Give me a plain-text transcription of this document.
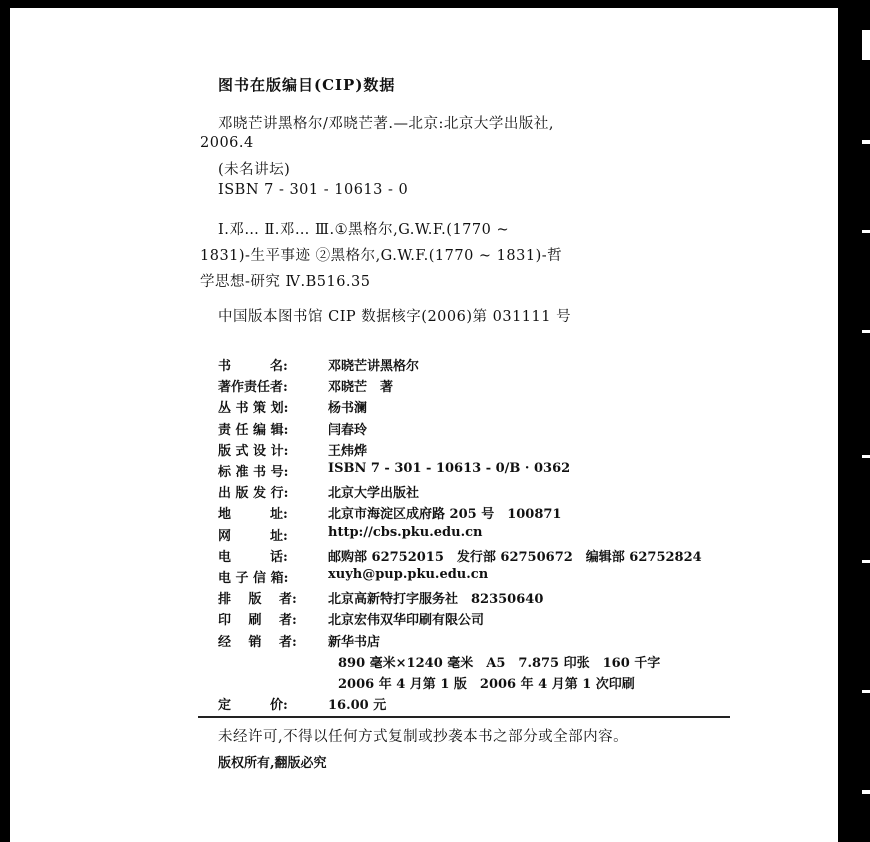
图书在版编目(CIP)数据
邓晓芒讲黑格尔/邓晓芒著.—北京:北京大学出版社,
2006.4
(未名讲坛)
ISBN 7 - 301 - 10613 - 0
Ⅰ.邓… Ⅱ.邓… Ⅲ.①黑格尔,G.W.F.(1770 ~
1831)-生平事迹 ②黑格尔,G.W.F.(1770 ~ 1831)-哲
学思想-研究 Ⅳ.B516.35
中国版本图书馆 CIP 数据核字(2006)第 031111 号
书　　　名:	邓晓芒讲黑格尔
著作责任者:	邓晓芒　著
丛 书 策 划:	杨书澜
责 任 编 辑:	闫春玲
版 式 设 计:	王炜烨
标 准 书 号:	ISBN 7 - 301 - 10613 - 0/B · 0362
出 版 发 行:	北京大学出版社
地　　　址:	北京市海淀区成府路 205 号　100871
网　　　址:	http://cbs.pku.edu.cn
电　　　话:	邮购部 62752015　发行部 62750672　编辑部 62752824
电 子 信 箱:	xuyh@pup.pku.edu.cn
排　 版　 者:	北京高新特打字服务社　82350640
印　 刷　 者:	北京宏伟双华印刷有限公司
经　 销　 者:	新华书店
890 毫米×1240 毫米　A5　7.875 印张　160 千字
2006 年 4 月第 1 版　2006 年 4 月第 1 次印刷
定　　　价:	16.00 元
未经许可,不得以任何方式复制或抄袭本书之部分或全部内容。
版权所有,翻版必究
